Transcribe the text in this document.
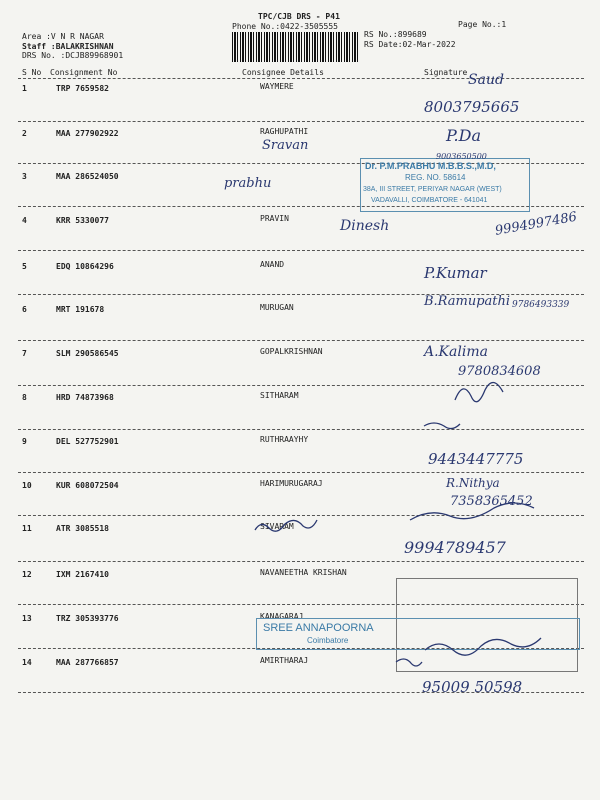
TPC/CJB DRS - P41
Phone No.:0422-3505555
Area :V N R NAGAR
Staff :BALAKRISHNAN
DRS No. :DCJB89968901
RS No.:899689
RS Date:02-Mar-2022
Page No.:1
S No Consignment No	Consignee Details	Signature
1	TRP 7659582	WAYMERE
2	MAA 277902922	RAGHUPATHI
3	MAA 286524050
4	KRR 5330077	PRAVIN
5	EDQ 10864296	ANAND
6	MRT 191678	MURUGAN
7	SLM 290586545	GOPALKRISHNAN
8	HRD 74873968	SITHARAM
9	DEL 527752901	RUTHRAAYHY
10	KUR 608072504	HARIMURUGARAJ
11	ATR 3085518	SIVARAM
12	IXM 2167410	NAVANEETHA KRISHAN
13	TRZ 305393776	KANAGARAJ
14	MAA 287766857	AMIRTHARAJ
Dr. P.M.PRABHU M.B.B.S.,M.D,
REG. NO. 58614
38A, III STREET, PERIYAR NAGAR (WEST)
VADAVALLI, COIMBATORE - 641041
SREE ANNAPOORNA
Coimbatore
Saud
8003795665
Sravan
P.Da
9003650500
prabhu
Dinesh	9994997486
P.Kumar
B.Ramupathi 9786493339
A.Kalima
9780834608
9443447775
R.Nithya
7358365452
9994789457
95009 50598
